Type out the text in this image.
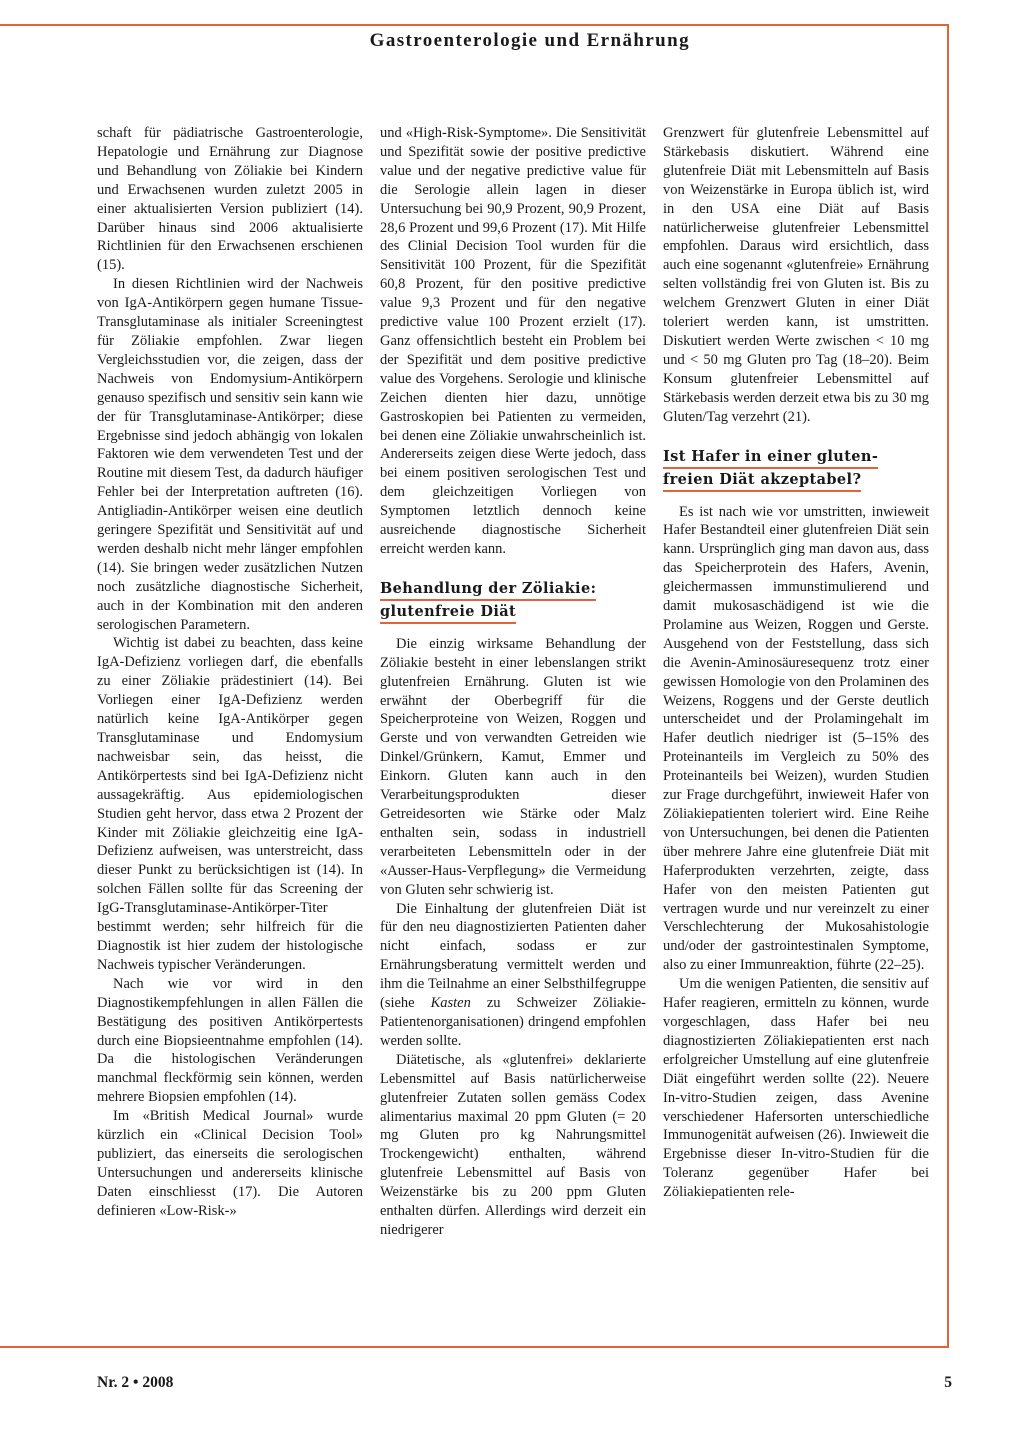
Gastroenterologie und Ernährung

schaft für pädiatrische Gastroenterologie, Hepatologie und Ernährung zur Diagnose und Behandlung von Zöliakie bei Kindern und Erwachsenen wurden zuletzt 2005 in einer aktualisierten Version publiziert (14). Darüber hinaus sind 2006 aktualisierte Richtlinien für den Erwachsenen erschienen (15).

In diesen Richtlinien wird der Nachweis von IgA-Antikörpern gegen humane Tissue-Transglutaminase als initialer Screeningtest für Zöliakie empfohlen. Zwar liegen Vergleichsstudien vor, die zeigen, dass der Nachweis von Endomysium-Antikörpern genauso spezifisch und sensitiv sein kann wie der für Transglutaminase-Antikörper; diese Ergebnisse sind jedoch abhängig von lokalen Faktoren wie dem verwendeten Test und der Routine mit diesem Test, da dadurch häufiger Fehler bei der Interpretation auftreten (16). Antigliadin-Antikörper weisen eine deutlich geringere Spezifität und Sensitivität auf und werden deshalb nicht mehr länger empfohlen (14). Sie bringen weder zusätzlichen Nutzen noch zusätzliche diagnostische Sicherheit, auch in der Kombination mit den anderen serologischen Parametern.

Wichtig ist dabei zu beachten, dass keine IgA-Defizienz vorliegen darf, die ebenfalls zu einer Zöliakie prädestiniert (14). Bei Vorliegen einer IgA-Defizienz werden natürlich keine IgA-Antikörper gegen Transglutaminase und Endomysium nachweisbar sein, das heisst, die Antikörpertests sind bei IgA-Defizienz nicht aussagekräftig. Aus epidemiologischen Studien geht hervor, dass etwa 2 Prozent der Kinder mit Zöliakie gleichzeitig eine IgA-Defizienz aufweisen, was unterstreicht, dass dieser Punkt zu berücksichtigen ist (14). In solchen Fällen sollte für das Screening der IgG-Transglutaminase-Antikörper-Titer bestimmt werden; sehr hilfreich für die Diagnostik ist hier zudem der histologische Nachweis typischer Veränderungen.

Nach wie vor wird in den Diagnostikempfehlungen in allen Fällen die Bestätigung des positiven Antikörpertests durch eine Biopsieentnahme empfohlen (14). Da die histologischen Veränderungen manchmal fleckförmig sein können, werden mehrere Biopsien empfohlen (14).

Im «British Medical Journal» wurde kürzlich ein «Clinical Decision Tool» publiziert, das einerseits die serologischen Untersuchungen und andererseits klinische Daten einschliesst (17). Die Autoren definieren «Low-Risk-»

und «High-Risk-Symptome». Die Sensitivität und Spezifität sowie der positive predictive value und der negative predictive value für die Serologie allein lagen in dieser Untersuchung bei 90,9 Prozent, 90,9 Prozent, 28,6 Prozent und 99,6 Prozent (17). Mit Hilfe des Clinial Decision Tool wurden für die Sensitivität 100 Prozent, für die Spezifität 60,8 Prozent, für den positive predictive value 9,3 Prozent und für den negative predictive value 100 Prozent erzielt (17). Ganz offensichtlich besteht ein Problem bei der Spezifität und dem positive predictive value des Vorgehens. Serologie und klinische Zeichen dienten hier dazu, unnötige Gastroskopien bei Patienten zu vermeiden, bei denen eine Zöliakie unwahrscheinlich ist. Andererseits zeigen diese Werte jedoch, dass bei einem positiven serologischen Test und dem gleichzeitigen Vorliegen von Symptomen letztlich dennoch keine ausreichende diagnostische Sicherheit erreicht werden kann.

Behandlung der Zöliakie:
glutenfreie Diät

Die einzig wirksame Behandlung der Zöliakie besteht in einer lebenslangen strikt glutenfreien Ernährung. Gluten ist wie erwähnt der Oberbegriff für die Speicherproteine von Weizen, Roggen und Gerste und von verwandten Getreiden wie Dinkel/Grünkern, Kamut, Emmer und Einkorn. Gluten kann auch in den Verarbeitungsprodukten dieser Getreidesorten wie Stärke oder Malz enthalten sein, sodass in industriell verarbeiteten Lebensmitteln oder in der «Ausser-Haus-Verpflegung» die Vermeidung von Gluten sehr schwierig ist.

Die Einhaltung der glutenfreien Diät ist für den neu diagnostizierten Patienten daher nicht einfach, sodass er zur Ernährungsberatung vermittelt werden und ihm die Teilnahme an einer Selbsthilfegruppe (siehe Kasten zu Schweizer Zöliakie-Patientenorganisationen) dringend empfohlen werden sollte.

Diätetische, als «glutenfrei» deklarierte Lebensmittel auf Basis natürlicherweise glutenfreier Zutaten sollen gemäss Codex alimentarius maximal 20 ppm Gluten (= 20 mg Gluten pro kg Nahrungsmittel Trockengewicht) enthalten, während glutenfreie Lebensmittel auf Basis von Weizenstärke bis zu 200 ppm Gluten enthalten dürfen. Allerdings wird derzeit ein niedrigerer

Grenzwert für glutenfreie Lebensmittel auf Stärkebasis diskutiert. Während eine glutenfreie Diät mit Lebensmitteln auf Basis von Weizenstärke in Europa üblich ist, wird in den USA eine Diät auf Basis natürlicherweise glutenfreier Lebensmittel empfohlen. Daraus wird ersichtlich, dass auch eine sogenannt «glutenfreie» Ernährung selten vollständig frei von Gluten ist. Bis zu welchem Grenzwert Gluten in einer Diät toleriert werden kann, ist umstritten. Diskutiert werden Werte zwischen < 10 mg und < 50 mg Gluten pro Tag (18–20). Beim Konsum glutenfreier Lebensmittel auf Stärkebasis werden derzeit etwa bis zu 30 mg Gluten/Tag verzehrt (21).

Ist Hafer in einer gluten-
freien Diät akzeptabel?

Es ist nach wie vor umstritten, inwieweit Hafer Bestandteil einer glutenfreien Diät sein kann. Ursprünglich ging man davon aus, dass das Speicherprotein des Hafers, Avenin, gleichermassen immunstimulierend und damit mukosaschädigend ist wie die Prolamine aus Weizen, Roggen und Gerste. Ausgehend von der Feststellung, dass sich die Avenin-Aminosäuresequenz trotz einer gewissen Homologie von den Prolaminen des Weizens, Roggens und der Gerste deutlich unterscheidet und der Prolamingehalt im Hafer deutlich niedriger ist (5–15% des Proteinanteils im Vergleich zu 50% des Proteinanteils bei Weizen), wurden Studien zur Frage durchgeführt, inwieweit Hafer von Zöliakiepatienten toleriert wird. Eine Reihe von Untersuchungen, bei denen die Patienten über mehrere Jahre eine glutenfreie Diät mit Haferprodukten verzehrten, zeigte, dass Hafer von den meisten Patienten gut vertragen wurde und nur vereinzelt zu einer Verschlechterung der Mukosahistologie und/oder der gastrointestinalen Symptome, also zu einer Immunreaktion, führte (22–25).

Um die wenigen Patienten, die sensitiv auf Hafer reagieren, ermitteln zu können, wurde vorgeschlagen, dass Hafer bei neu diagnostizierten Zöliakiepatienten erst nach erfolgreicher Umstellung auf eine glutenfreie Diät eingeführt werden sollte (22). Neuere In-vitro-Studien zeigen, dass Avenine verschiedener Hafersorten unterschiedliche Immunogenität aufweisen (26). Inwieweit die Ergebnisse dieser In-vitro-Studien für die Toleranz gegenüber Hafer bei Zöliakiepatienten rele-

Nr. 2 • 2008	5
